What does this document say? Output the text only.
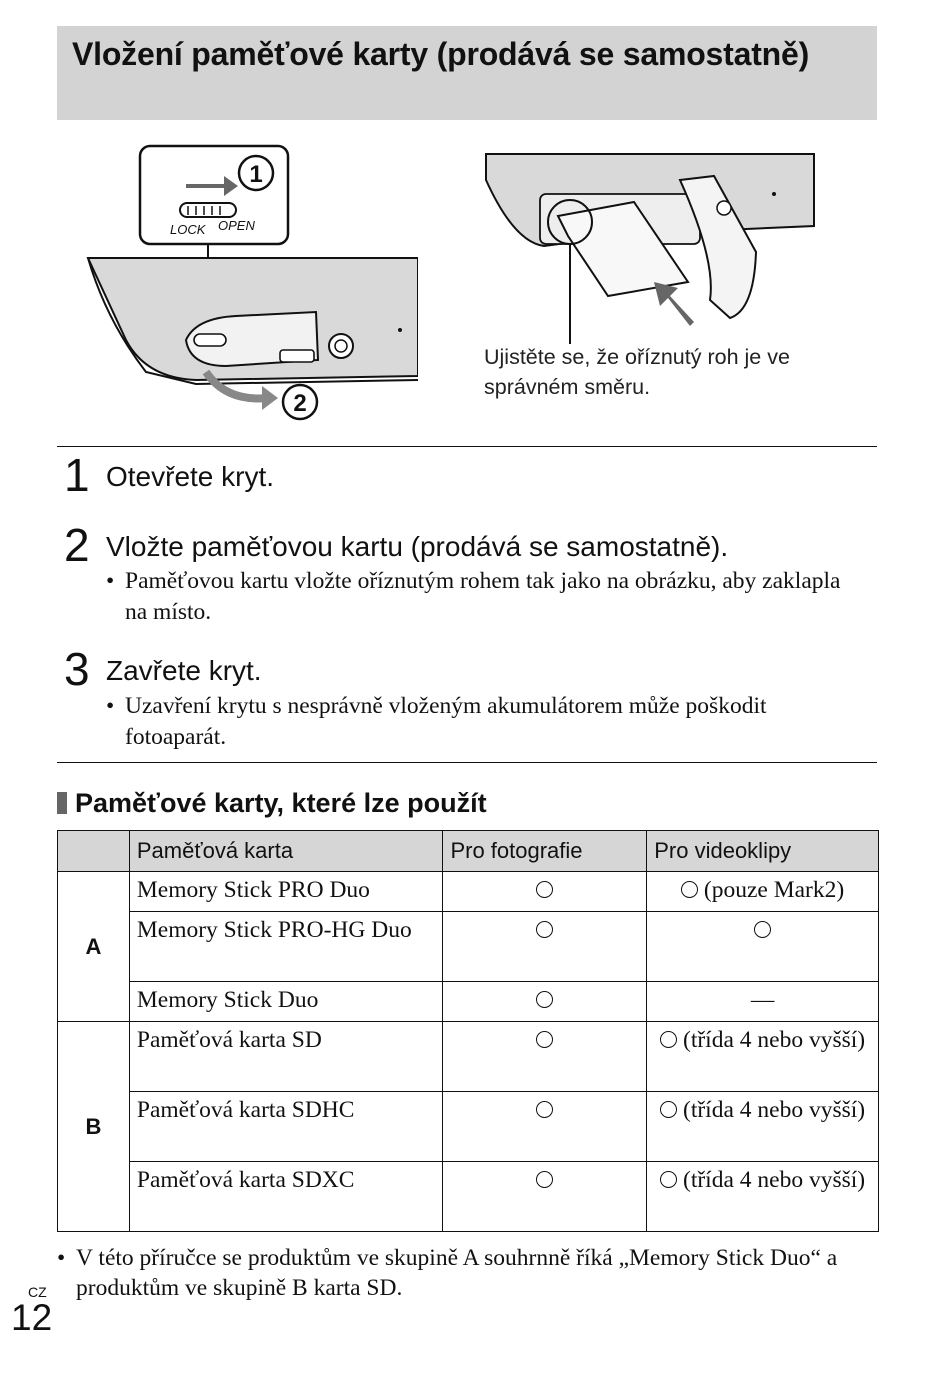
Vložení paměťové karty (prodává se samostatně)
1
LOCK OPEN
2
Ujistěte se, že oříznutý roh je ve správném směru.
1 Otevřete kryt.
2 Vložte paměťovou kartu (prodává se samostatně).
• Paměťovou kartu vložte oříznutým rohem tak jako na obrázku, aby zaklapla na místo.
3 Zavřete kryt.
• Uzavření krytu s nesprávně vloženým akumulátorem může poškodit fotoaparát.
Paměťové karty, které lze použít
	Paměťová karta	Pro fotografie	Pro videoklipy
A	Memory Stick PRO Duo		(pouze Mark2)
	Memory Stick PRO-HG Duo		
	Memory Stick Duo		—
B	Paměťová karta SD		(třída 4 nebo vyšší)
	Paměťová karta SDHC		(třída 4 nebo vyšší)
	Paměťová karta SDXC		(třída 4 nebo vyšší)
• V této příručce se produktům ve skupině A souhrnně říká „Memory Stick Duo“ a produktům ve skupině B karta SD.
CZ
12
